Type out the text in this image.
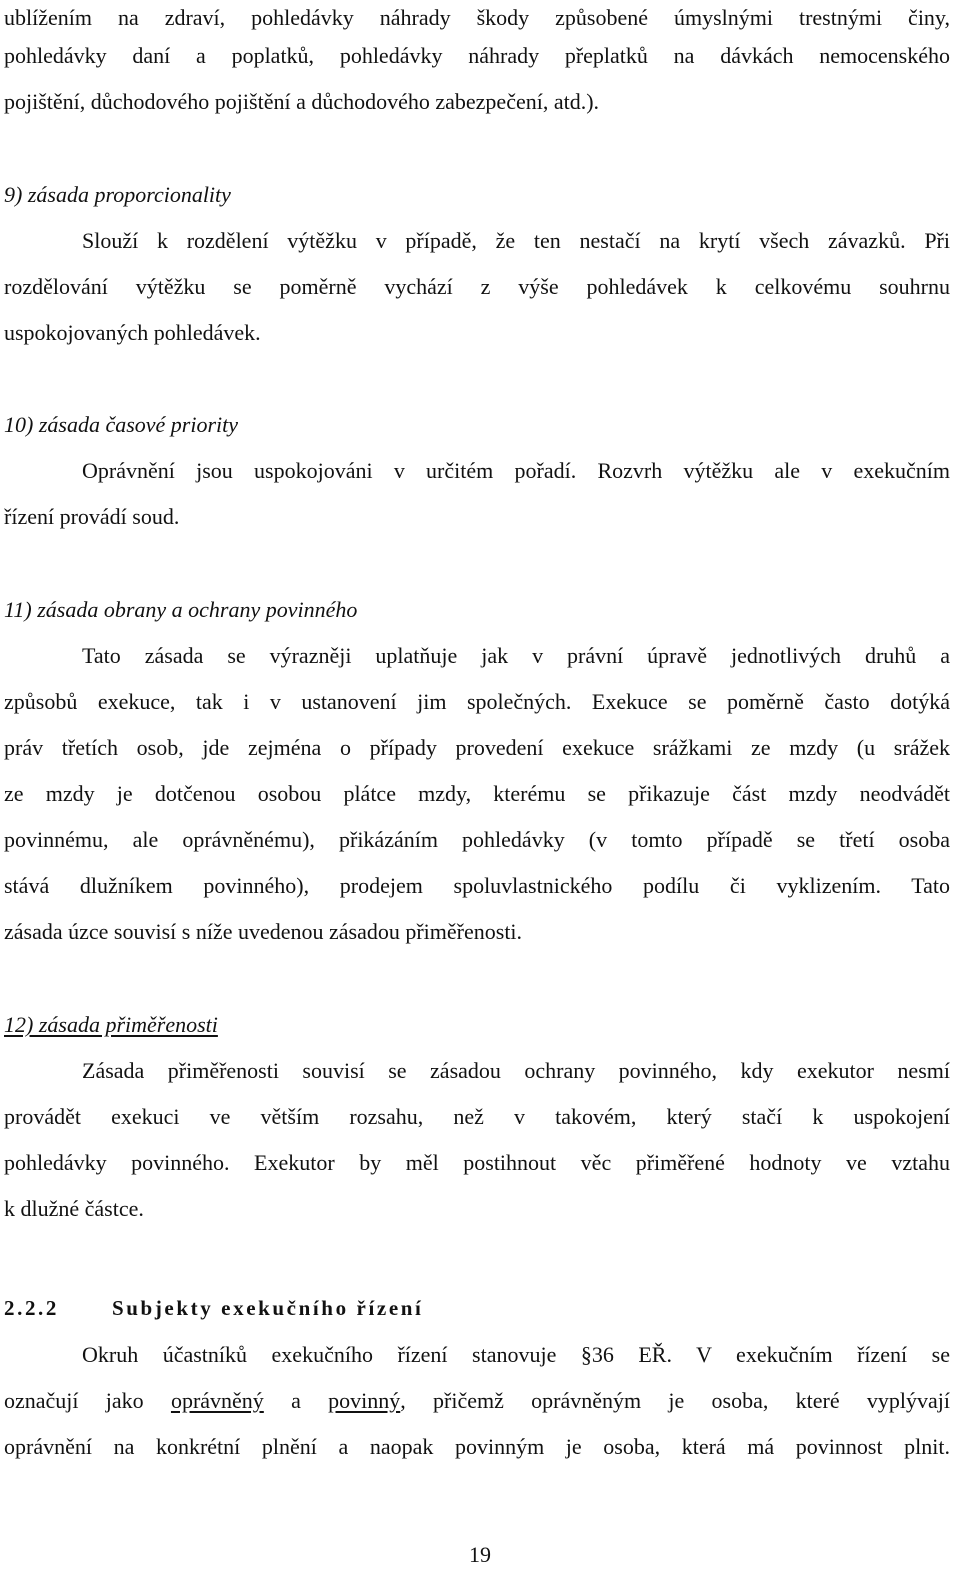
ublížením na zdraví, pohledávky náhrady škody způsobené úmyslnými trestnými činy,
pohledávky daní a poplatků, pohledávky náhrady přeplatků na dávkách nemocenského
pojištění, důchodového pojištění a důchodového zabezpečení, atd.).
9) zásada proporcionality
Slouží k rozdělení výtěžku v případě, že ten nestačí na krytí všech závazků. Při
rozdělování výtěžku se poměrně vychází z výše pohledávek k celkovému souhrnu
uspokojovaných pohledávek.
10) zásada časové priority
Oprávnění jsou uspokojováni v určitém pořadí. Rozvrh výtěžku ale v exekučním
řízení provádí soud.
11) zásada obrany a ochrany povinného
Tato zásada se výrazněji uplatňuje jak v právní úpravě jednotlivých druhů a
způsobů exekuce, tak i v ustanovení jim společných. Exekuce se poměrně často dotýká
práv třetích osob, jde zejména o případy provedení exekuce srážkami ze mzdy (u srážek
ze mzdy je dotčenou osobou plátce mzdy, kterému se přikazuje část mzdy neodvádět
povinnému, ale oprávněnému), přikázáním pohledávky (v tomto případě se třetí osoba
stává dlužníkem povinného), prodejem spoluvlastnického podílu či vyklizením. Tato
zásada úzce souvisí s níže uvedenou zásadou přiměřenosti.
12) zásada přiměřenosti
Zásada přiměřenosti souvisí se zásadou ochrany povinného, kdy exekutor nesmí
provádět exekuci ve větším rozsahu, než v takovém, který stačí k uspokojení
pohledávky povinného. Exekutor by měl postihnout věc přiměřené hodnoty ve vztahu
k dlužné částce.
2.2.2	Subjekty exekučního řízení
Okruh účastníků exekučního řízení stanovuje §36 EŘ. V exekučním řízení se
označují jako oprávněný a povinný, přičemž oprávněným je osoba, které vyplývají
oprávnění na konkrétní plnění a naopak povinným je osoba, která má povinnost plnit.
19
